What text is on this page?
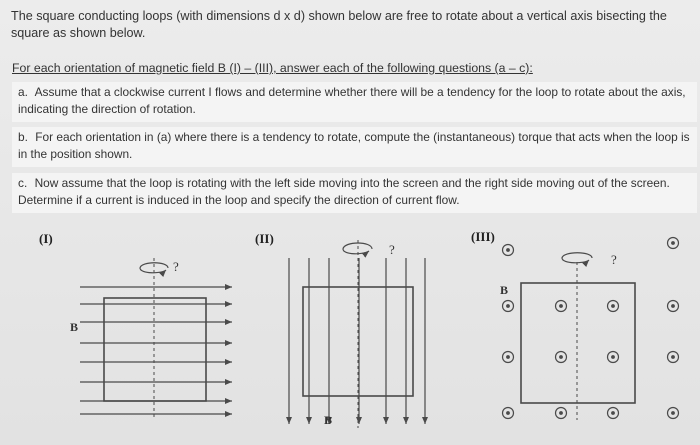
The square conducting loops (with dimensions d x d) shown below are free to rotate about a vertical axis bisecting the square as shown below.
For each orientation of magnetic field B (I) – (III), answer each of the following questions (a – c):
a. Assume that a clockwise current I flows and determine whether there will be a tendency for the loop to rotate about the axis, indicating the direction of rotation.
b. For each orientation in (a) where there is a tendency to rotate, compute the (instantaneous) torque that acts when the loop is in the position shown.
c. Now assume that the loop is rotating with the left side moving into the screen and the right side moving out of the screen. Determine if a current is induced in the loop and specify the direction of current flow.
(I)	(II)	(III)
?
B
?
B
?
B
